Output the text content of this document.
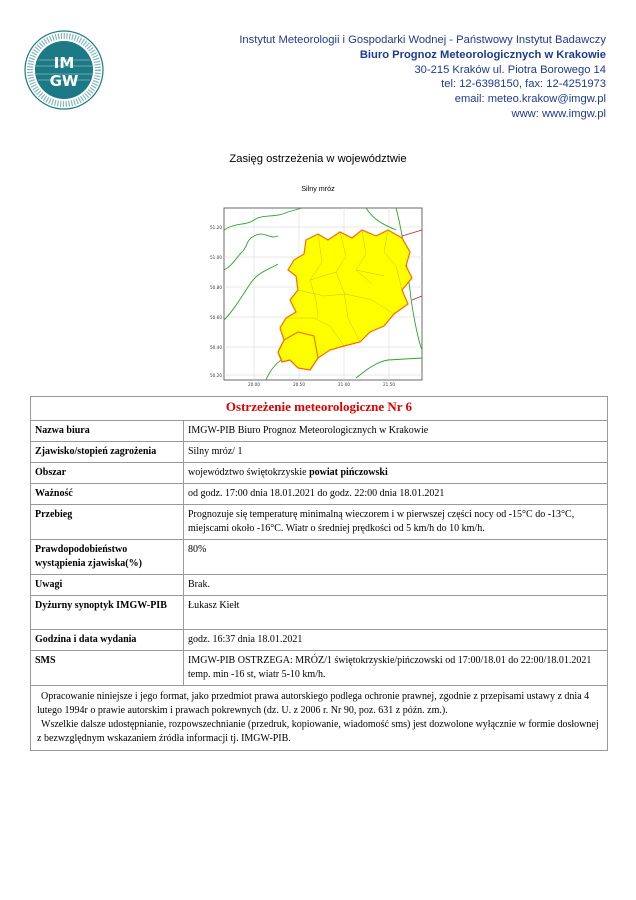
IM
GW
Instytut Meteorologii i Gospodarki Wodnej - Państwowy Instytut Badawczy
Biuro Prognoz Meteorologicznych w Krakowie
30-215 Kraków ul. Piotra Borowego 14
tel: 12-6398150, fax: 12-4251973
email: meteo.krakow@imgw.pl
www: www.imgw.pl
Zasięg ostrzeżenia w województwie
Silny mróz
51.20
51.00
50.80
50.60
50.40
50.20
20.00	20.50	21.00	21.50
Ostrzeżenie meteorologiczne Nr 6	
Nazwa biura	IMGW-PIB Biuro Prognoz Meteorologicznych w Krakowie
Zjawisko/stopień zagrożenia	Silny mróz/ 1
Obszar	województwo świętokrzyskie powiat pińczowski
Ważność	od godz. 17:00 dnia 18.01.2021 do godz. 22:00 dnia 18.01.2021
Przebieg	Prognozuje się temperaturę minimalną wieczorem i w pierwszej części nocy od -15°C do -13°C, miejscami około -16°C. Wiatr o średniej prędkości od 5 km/h do 10 km/h.
Prawdopodobieństwo wystąpienia zjawiska(%)	80%
Uwagi	Brak.
Dyżurny synoptyk IMGW-PIB	Łukasz Kiełt
Godzina i data wydania	godz. 16:37 dnia 18.01.2021
SMS	IMGW-PIB OSTRZEGA: MRÓZ/1 świętokrzyskie/pińczowski od 17:00/18.01 do 22:00/18.01.2021 temp. min -16 st, wiatr 5-10 km/h.

Opracowanie niniejsze i jego format, jako przedmiot prawa autorskiego podlega ochronie prawnej, zgodnie z przepisami ustawy z dnia 4 lutego 1994r o prawie autorskim i prawach pokrewnych (dz. U. z 2006 r. Nr 90, poz. 631 z późn. zm.).

Wszelkie dalsze udostępnianie, rozpowszechnianie (przedruk, kopiowanie, wiadomość sms) jest dozwolone wyłącznie w formie dosłownej z bezwzględnym wskazaniem źródła informacji tj. IMGW-PIB.	
